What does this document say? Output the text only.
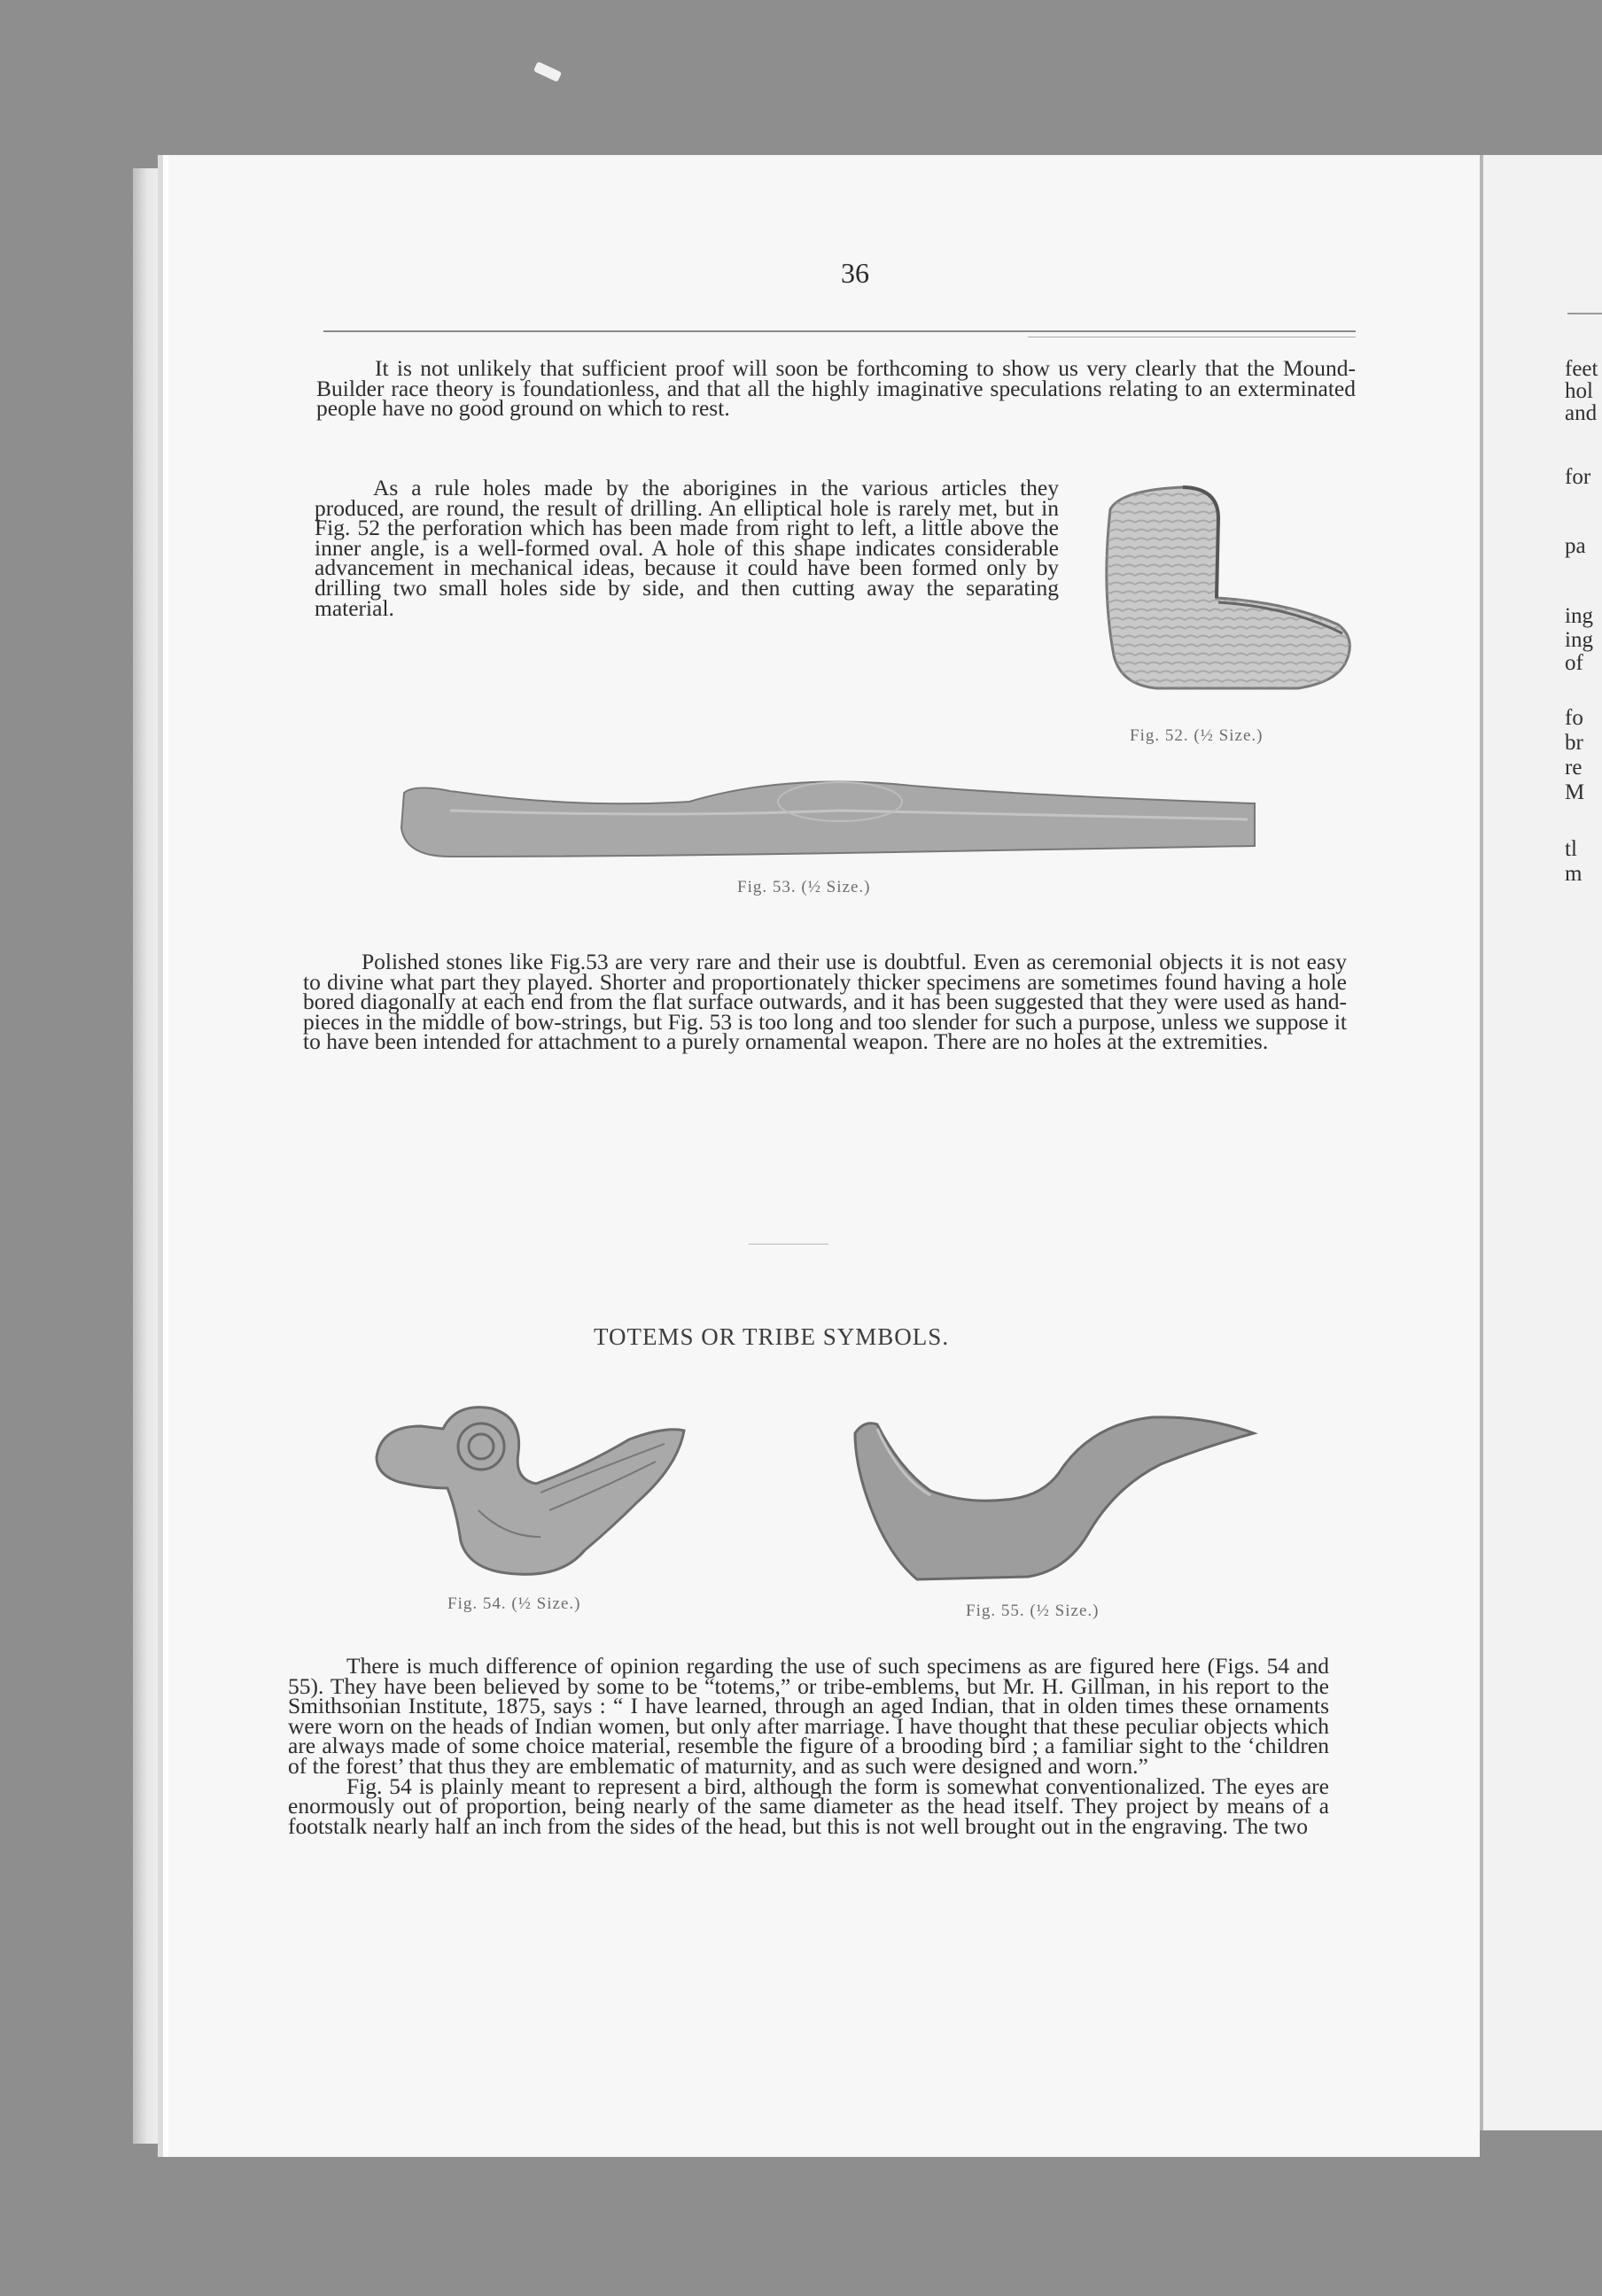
feet
hol
and
for
pa
ing
ing
of
fo
br
re
M
tl
m
36

It is not unlikely that sufficient proof will soon be forthcoming to show us very clearly that the Mound-Builder race theory is foundationless, and that all the highly imaginative speculations relating to an exterminated people have no good ground on which to rest.

As a rule holes made by the aborigines in the various articles they produced, are round, the result of drilling. An elliptical hole is rarely met, but in Fig. 52 the perforation which has been made from right to left, a little above the inner angle, is a well-formed oval. A hole of this shape indicates considerable advancement in mechanical ideas, because it could have been formed only by drilling two small holes side by side, and then cutting away the separating material.

Fig. 52. (½ Size.)
Fig. 53. (½ Size.)

Polished stones like Fig.53 are very rare and their use is doubtful. Even as ceremonial objects it is not easy to divine what part they played. Shorter and proportionately thicker specimens are sometimes found having a hole bored diagonally at each end from the flat surface outwards, and it has been suggested that they were used as hand-pieces in the middle of bow-strings, but Fig. 53 is too long and too slender for such a purpose, unless we suppose it to have been intended for attachment to a purely ornamental weapon. There are no holes at the extremities.

TOTEMS OR TRIBE SYMBOLS.
Fig. 54. (½ Size.)	Fig. 55. (½ Size.)

There is much difference of opinion regarding the use of such specimens as are figured here (Figs. 54 and 55). They have been believed by some to be “totems,” or tribe-emblems, but Mr. H. Gillman, in his report to the Smithsonian Institute, 1875, says : “ I have learned, through an aged Indian, that in olden times these ornaments were worn on the heads of Indian women, but only after marriage. I have thought that these peculiar objects which are always made of some choice material, resemble the figure of a brooding bird ; a familiar sight to the ‘children of the forest’ that thus they are emblematic of maturnity, and as such were designed and worn.”

Fig. 54 is plainly meant to represent a bird, although the form is somewhat conventionalized. The eyes are enormously out of proportion, being nearly of the same diameter as the head itself. They project by means of a footstalk nearly half an inch from the sides of the head, but this is not well brought out in the engraving. The two
